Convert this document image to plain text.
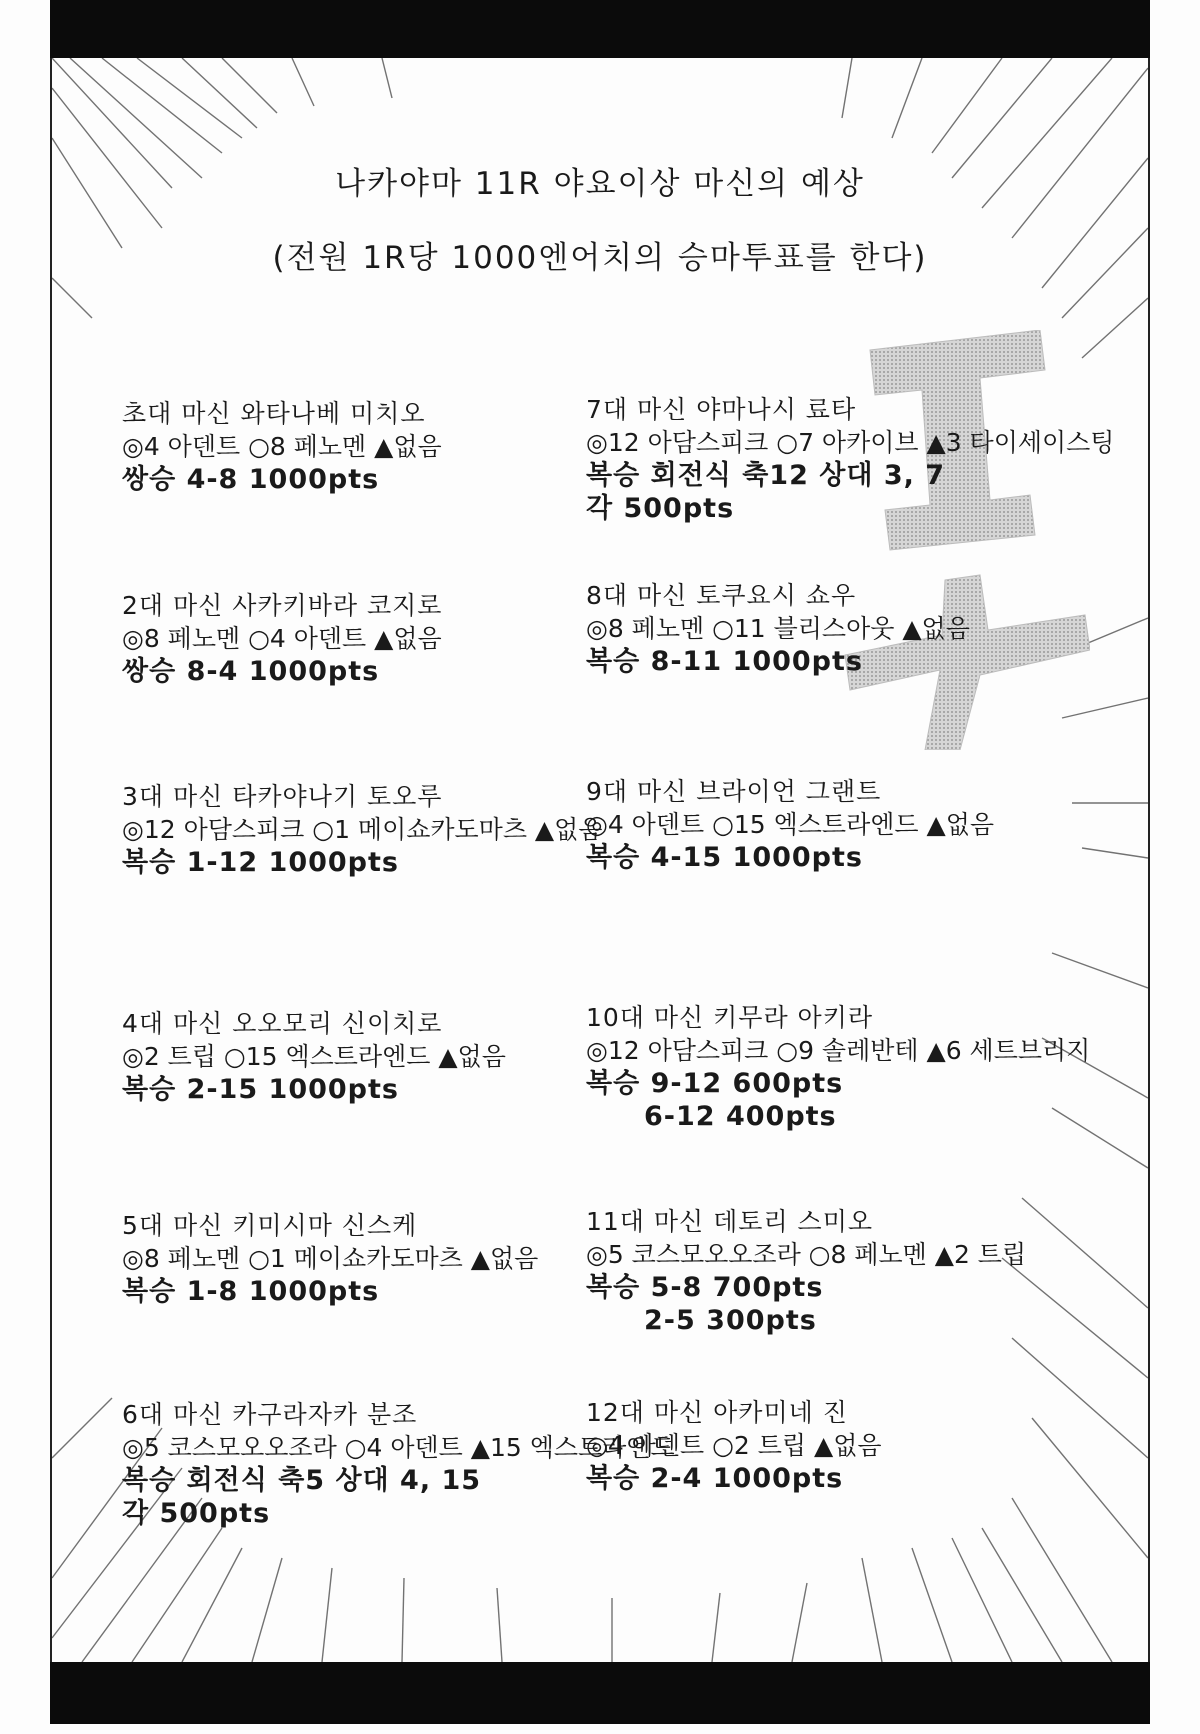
나카야마 11R 야요이상 마신의 예상
(전원 1R당 1000엔어치의 승마투표를 한다)
초대 마신 와타나베 미치오
◎4 아덴트 ○8 페노멘 ▲없음
쌍승 4-8 1000pts
2대 마신 사카키바라 코지로
◎8 페노멘 ○4 아덴트 ▲없음
쌍승 8-4 1000pts
3대 마신 타카야나기 토오루
◎12 아담스피크 ○1 메이쇼카도마츠 ▲없음
복승 1-12 1000pts
4대 마신 오오모리 신이치로
◎2 트립 ○15 엑스트라엔드 ▲없음
복승 2-15 1000pts
5대 마신 키미시마 신스케
◎8 페노멘 ○1 메이쇼카도마츠 ▲없음
복승 1-8 1000pts
6대 마신 카구라자카 분조
◎5 코스모오오조라 ○4 아덴트 ▲15 엑스트라엔드
복승 회전식 축5 상대 4, 15
각 500pts
7대 마신 야마나시 료타
◎12 아담스피크 ○7 아카이브 ▲3 타이세이스팅
복승 회전식 축12 상대 3, 7
각 500pts
8대 마신 토쿠요시 쇼우
◎8 페노멘 ○11 블리스아웃 ▲없음
복승 8-11 1000pts
9대 마신 브라이언 그랜트
◎4 아덴트 ○15 엑스트라엔드 ▲없음
복승 4-15 1000pts
10대 마신 키무라 아키라
◎12 아담스피크 ○9 솔레반테 ▲6 세트브리지
복승 9-12 600pts
6-12 400pts
11대 마신 데토리 스미오
◎5 코스모오오조라 ○8 페노멘 ▲2 트립
복승 5-8 700pts
2-5 300pts
12대 마신 아카미네 진
◎4 아덴트 ○2 트립 ▲없음
복승 2-4 1000pts
